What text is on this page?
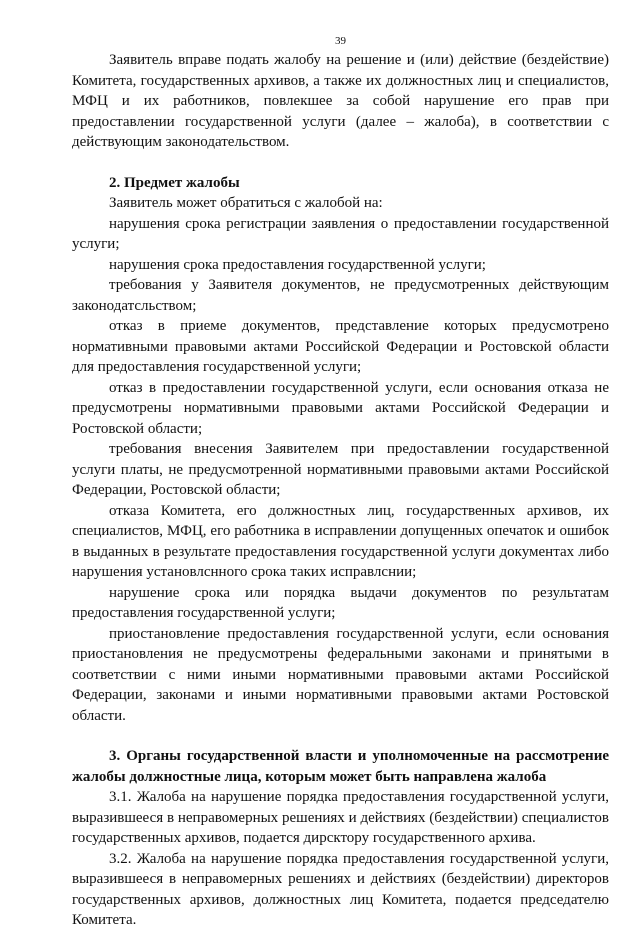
39

Заявитель вправе подать жалобу на решение и (или) действие (бездействие) Комитета, государственных архивов, а также их должностных лиц и специалистов, МФЦ и их работников, повлекшее за собой нарушение его прав при предоставлении государственной услуги (далее – жалоба), в соответствии с действующим законодательством.

2. Предмет жалобы

Заявитель может обратиться с жалобой на:

нарушения срока регистрации заявления о предоставлении государственной услуги;

нарушения срока предоставления государственной услуги;

требования у Заявителя документов, не предусмотренных действующим законодатсльством;

отказ в приеме документов, представление которых предусмотрено нормативными правовыми актами Российской Федерации и Ростовской области для предоставления государственной услуги;

отказ в предоставлении государственной услуги, если основания отказа не предусмотрены нормативными правовыми актами Российской Федерации и Ростовской области;

требования внесения Заявителем при предоставлении государственной услуги платы, не предусмотренной нормативными правовыми актами Российской Федерации, Ростовской области;

отказа Комитета, его должностных лиц, государственных архивов, их специалистов, МФЦ, его работника в исправлении допущенных опечаток и ошибок в выданных в результате предоставления государственной услуги документах либо нарушения установлснного срока таких исправлснии;

нарушение срока или порядка выдачи документов по результатам предоставления государственной услуги;

приостановление предоставления государственной услуги, если основания приостановления не предусмотрены федеральными законами и принятыми в соответствии с ними иными нормативными правовыми актами Российской Федерации, законами и иными нормативными правовыми актами Ростовской области.

3. Органы государственной власти и уполномоченные на рассмотрение жалобы должностные лица, которым может быть направлена жалоба

3.1. Жалоба на нарушение порядка предоставления государственной услуги, выразившееся в неправомерных решениях и действиях (бездействии) специалистов государственных архивов, подается дирсктору государственного архива.

3.2. Жалоба на нарушение порядка предоставления государственной услуги, выразившееся в неправомерных решениях и действиях (бездействии) директоров государственных архивов, должностных лиц Комитета, подается председателю Комитета.
